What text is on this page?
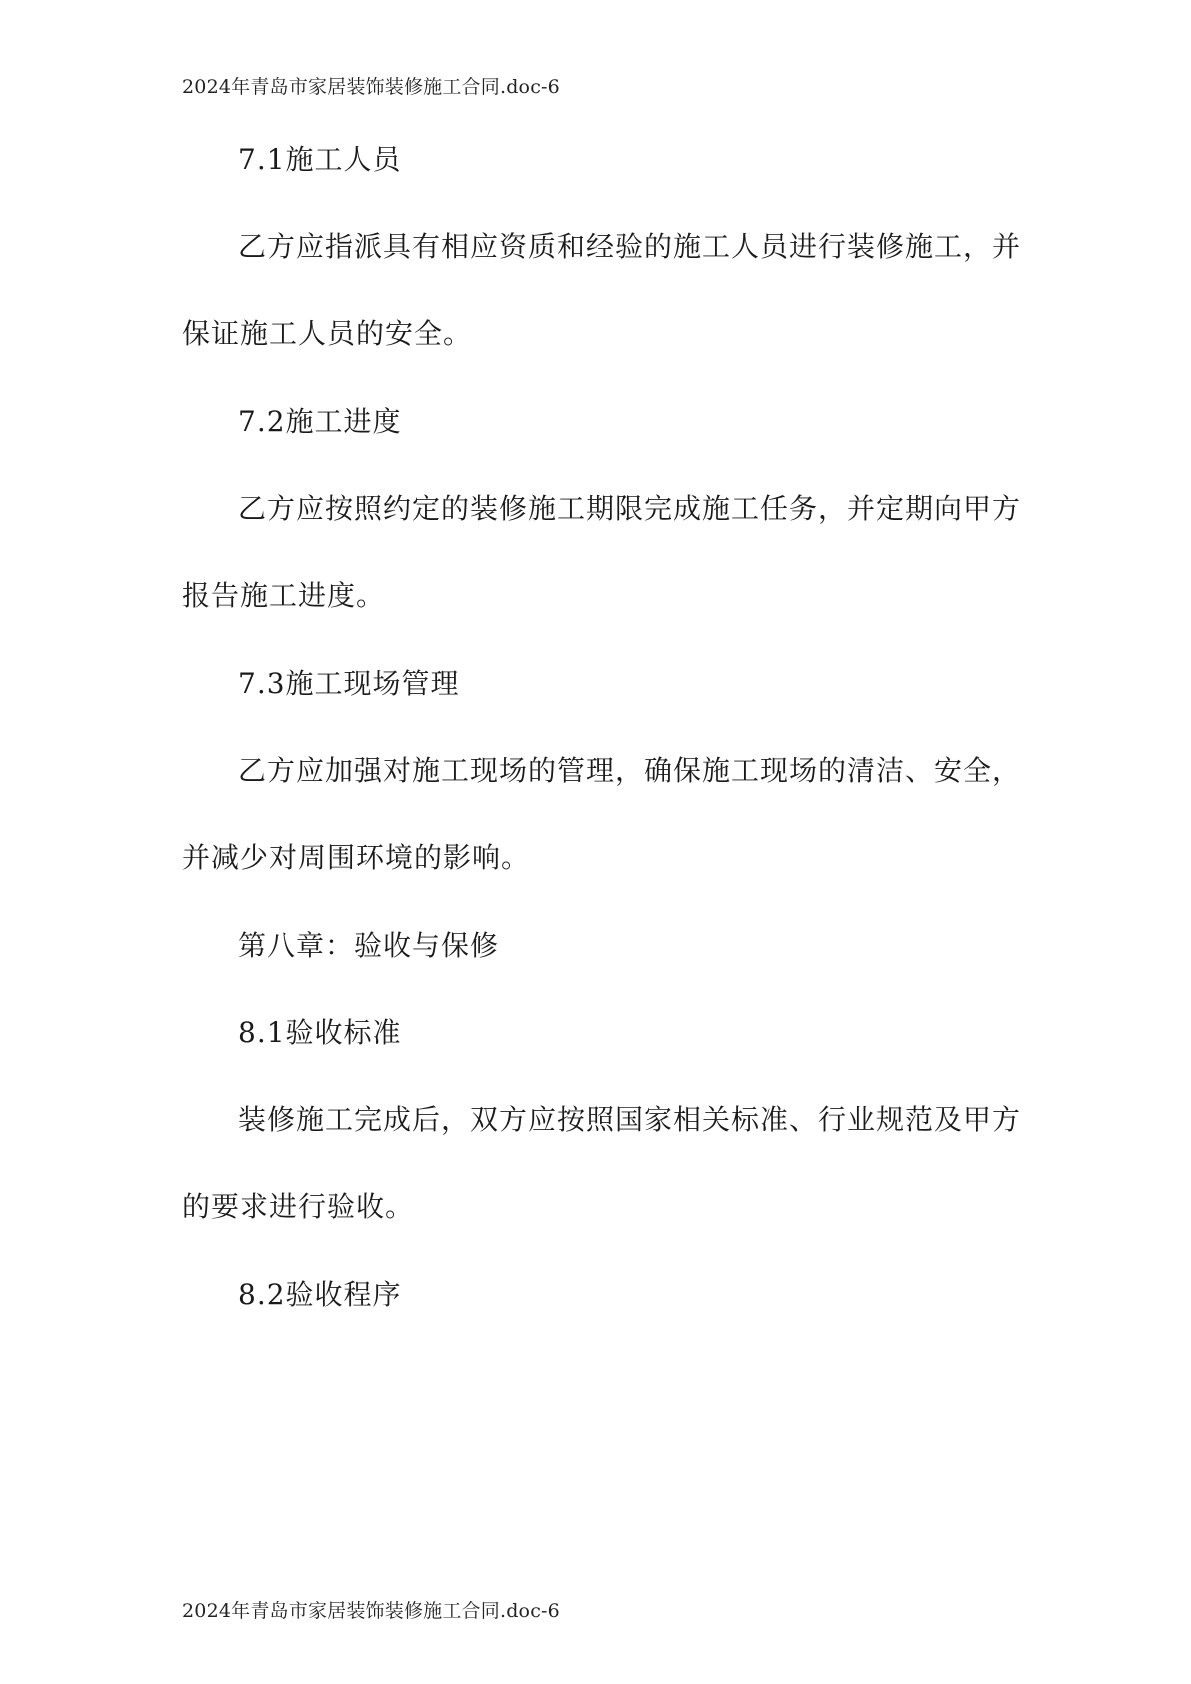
2024年青岛市家居装饰装修施工合同.doc-6
7.1施工人员
乙方应指派具有相应资质和经验的施工人员进行装修施工，并
保证施工人员的安全。
7.2施工进度
乙方应按照约定的装修施工期限完成施工任务，并定期向甲方
报告施工进度。
7.3施工现场管理
乙方应加强对施工现场的管理，确保施工现场的清洁、安全，
并减少对周围环境的影响。
第八章：验收与保修
8.1验收标准
装修施工完成后，双方应按照国家相关标准、行业规范及甲方
的要求进行验收。
8.2验收程序
2024年青岛市家居装饰装修施工合同.doc-6
